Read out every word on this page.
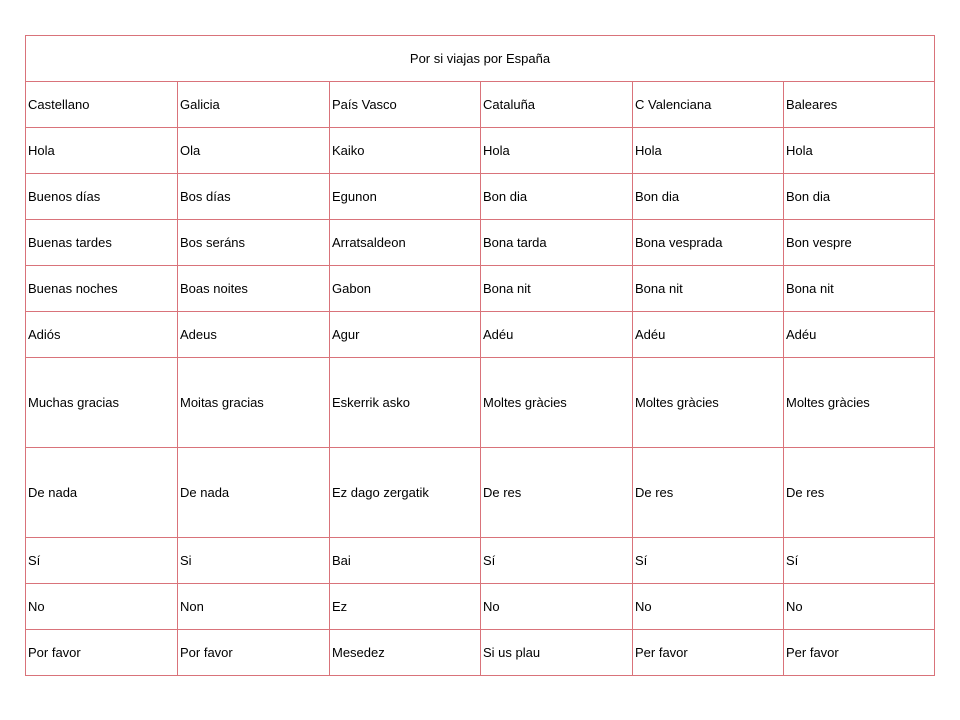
Por si viajas por España					
Castellano	Galicia	País Vasco	Cataluña	C Valenciana	Baleares
Hola	Ola	Kaiko	Hola	Hola	Hola
Buenos días	Bos días	Egunon	Bon dia	Bon dia	Bon dia
Buenas tardes	Bos seráns	Arratsaldeon	Bona tarda	Bona vesprada	Bon vespre
Buenas noches	Boas noites	Gabon	Bona nit	Bona nit	Bona nit
Adiós	Adeus	Agur	Adéu	Adéu	Adéu
Muchas gracias	Moitas gracias	Eskerrik asko	Moltes gràcies	Moltes gràcies	Moltes gràcies
De nada	De nada	Ez dago zergatik	De res	De res	De res
Sí	Si	Bai	Sí	Sí	Sí
No	Non	Ez	No	No	No
Por favor	Por favor	Mesedez	Si us plau	Per favor	Per favor
